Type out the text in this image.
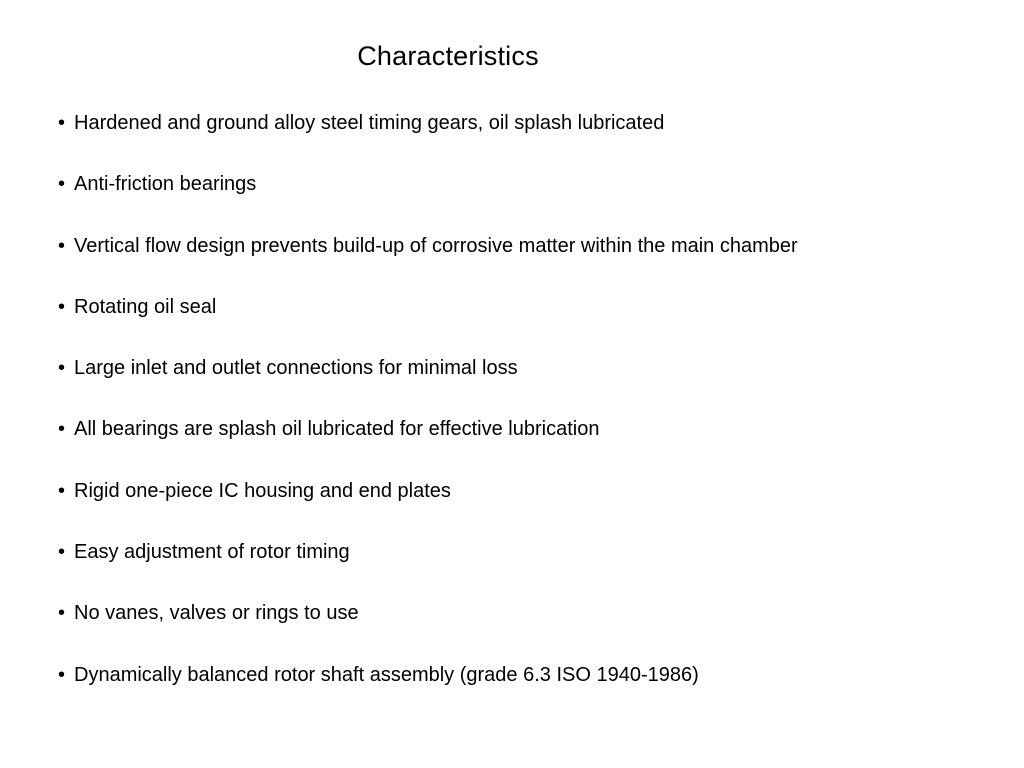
Characteristics
• Hardened and ground alloy steel timing gears, oil splash lubricated
• Anti-friction bearings
• Vertical flow design prevents build-up of corrosive matter within the main chamber
• Rotating oil seal
• Large inlet and outlet connections for minimal loss
• All bearings are splash oil lubricated for effective lubrication
• Rigid one-piece IC housing and end plates
• Easy adjustment of rotor timing
• No vanes, valves or rings to use
• Dynamically balanced rotor shaft assembly (grade 6.3 ISO 1940-1986)
